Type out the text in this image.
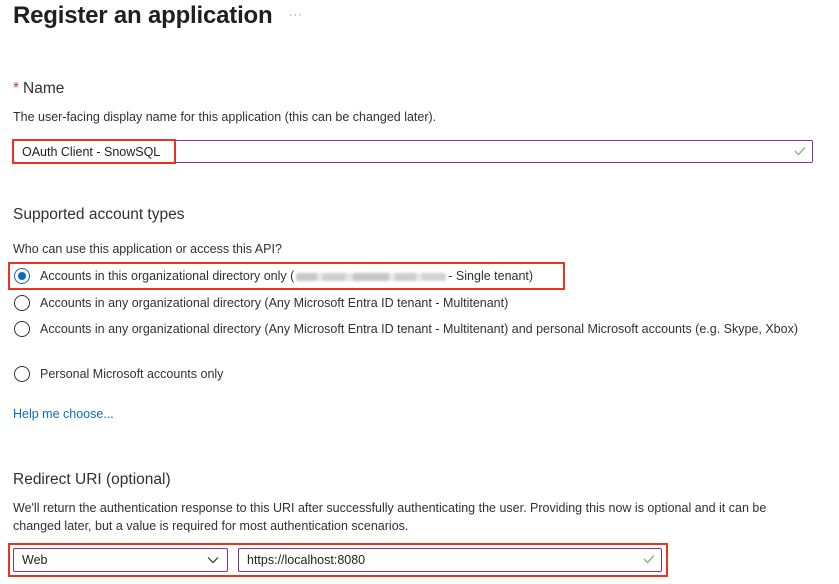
Register an application ···
* Name
The user-facing display name for this application (this can be changed later).
OAuth Client - SnowSQL
Supported account types
Who can use this application or access this API?
Accounts in this organizational directory only (	- Single tenant)
Accounts in any organizational directory (Any Microsoft Entra ID tenant - Multitenant)
Accounts in any organizational directory (Any Microsoft Entra ID tenant - Multitenant) and personal Microsoft accounts (e.g. Skype, Xbox)
Personal Microsoft accounts only
Help me choose...
Redirect URI (optional)
We'll return the authentication response to this URI after successfully authenticating the user. Providing this now is optional and it can be changed later, but a value is required for most authentication scenarios.
Web	https://localhost:8080
